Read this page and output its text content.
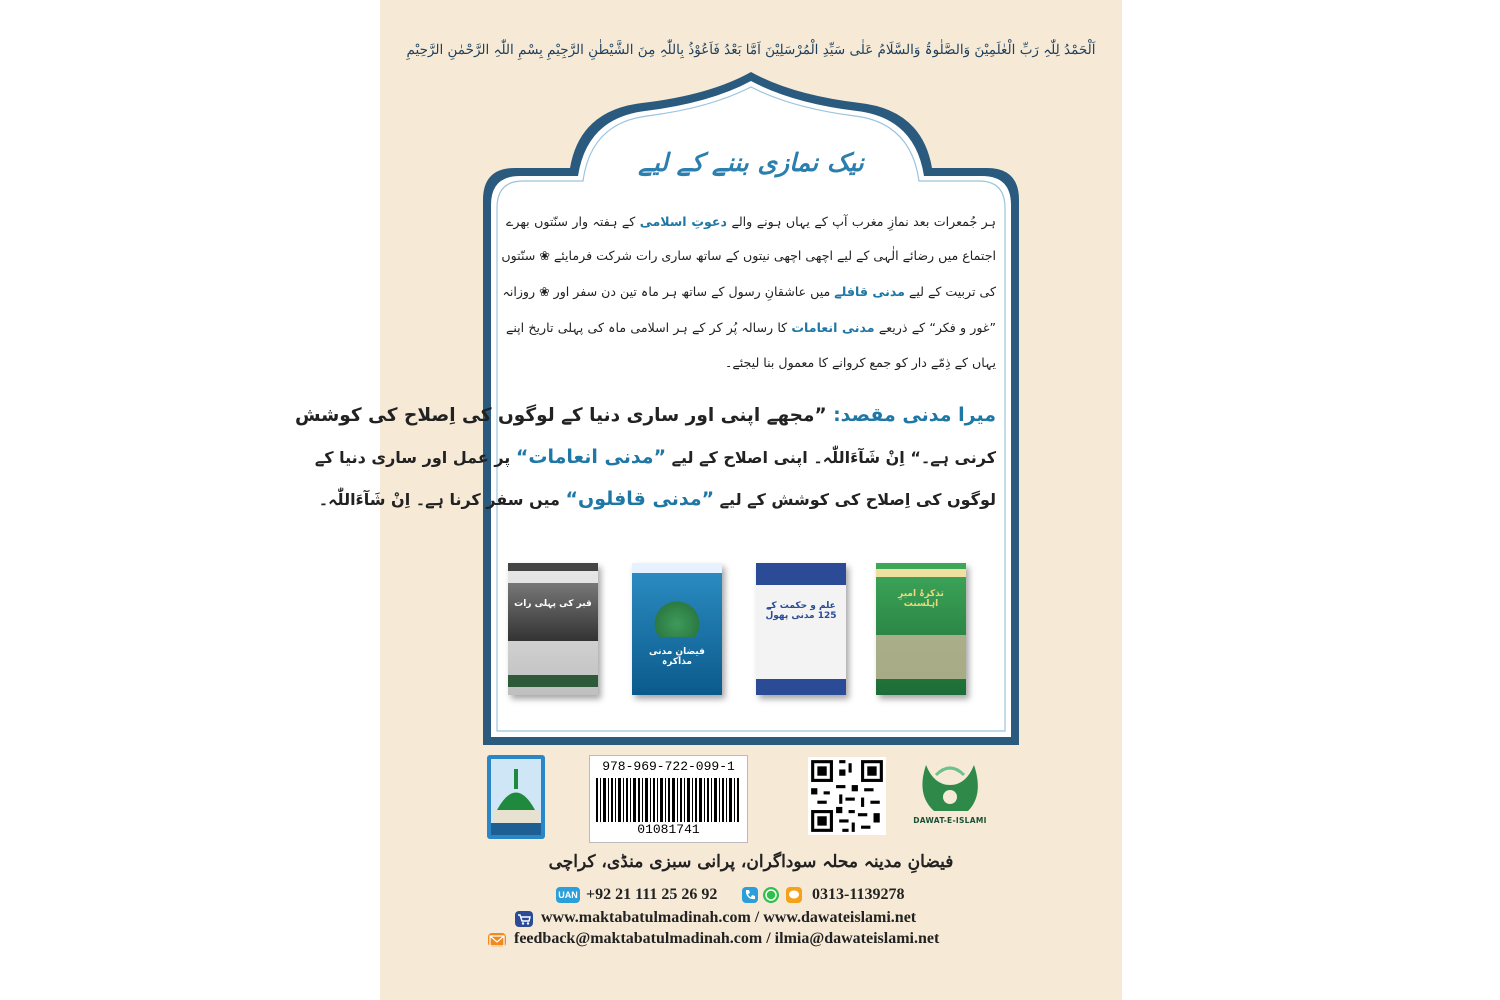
اَلْحَمْدُ لِلّٰہِ رَبِّ الْعٰلَمِیْنَ وَالصَّلٰوۃُ وَالسَّلَامُ عَلٰی سَیِّدِ الْمُرْسَلِیْنَ اَمَّا بَعْدُ فَاَعُوْذُ بِاللّٰہِ مِنَ الشَّیْطٰنِ الرَّجِیْمِ بِسْمِ اللّٰہِ الرَّحْمٰنِ الرَّحِیْمِ
نیک نمازی بننے کے لیے
ہر جُمعرات بعد نمازِ مغرب آپ کے یہاں ہونے والے دعوتِ اسلامی کے ہفتہ وار سنّتوں بھرے
اجتماع میں رضائے الٰہی کے لیے اچھی اچھی نیتوں کے ساتھ ساری رات شرکت فرمایئے ❀ سنّتوں
کی تربیت کے لیے مدنی قافلے میں عاشقانِ رسول کے ساتھ ہر ماہ تین دن سفر اور ❀ روزانہ
”غور و فکر“ کے ذریعے مدنی انعامات کا رسالہ پُر کر کے ہر اسلامی ماہ کی پہلی تاریخ اپنے
یہاں کے ذِمّے دار کو جمع کروانے کا معمول بنا لیجئے۔
میرا مدنی مقصد: ”مجھے اپنی اور ساری دنیا کے لوگوں کی اِصلاح کی کوشش
کرنی ہے۔“ اِنْ شَآءَاللّٰہ۔ اپنی اصلاح کے لیے ”مدنی انعامات“ پر عمل اور ساری دنیا کے
لوگوں کی اِصلاح کی کوشش کے لیے ”مدنی قافلوں“ میں سفر کرنا ہے۔ اِنْ شَآءَاللّٰہ۔
قبر کی پہلی رات
فیضانِ مدنی مذاکرہ
علم و حکمت کے 125 مدنی پھول
تذکرۂ امیرِ اہلسنت
978-969-722-099-1
01081741
DAWAT-E-ISLAMI
فیضانِ مدینہ محلہ سوداگران، پرانی سبزی منڈی، کراچی
UAN +92 21 111 25 26 92	0313-1139278
www.maktabatulmadinah.com / www.dawateislami.net
feedback@maktabatulmadinah.com / ilmia@dawateislami.net
